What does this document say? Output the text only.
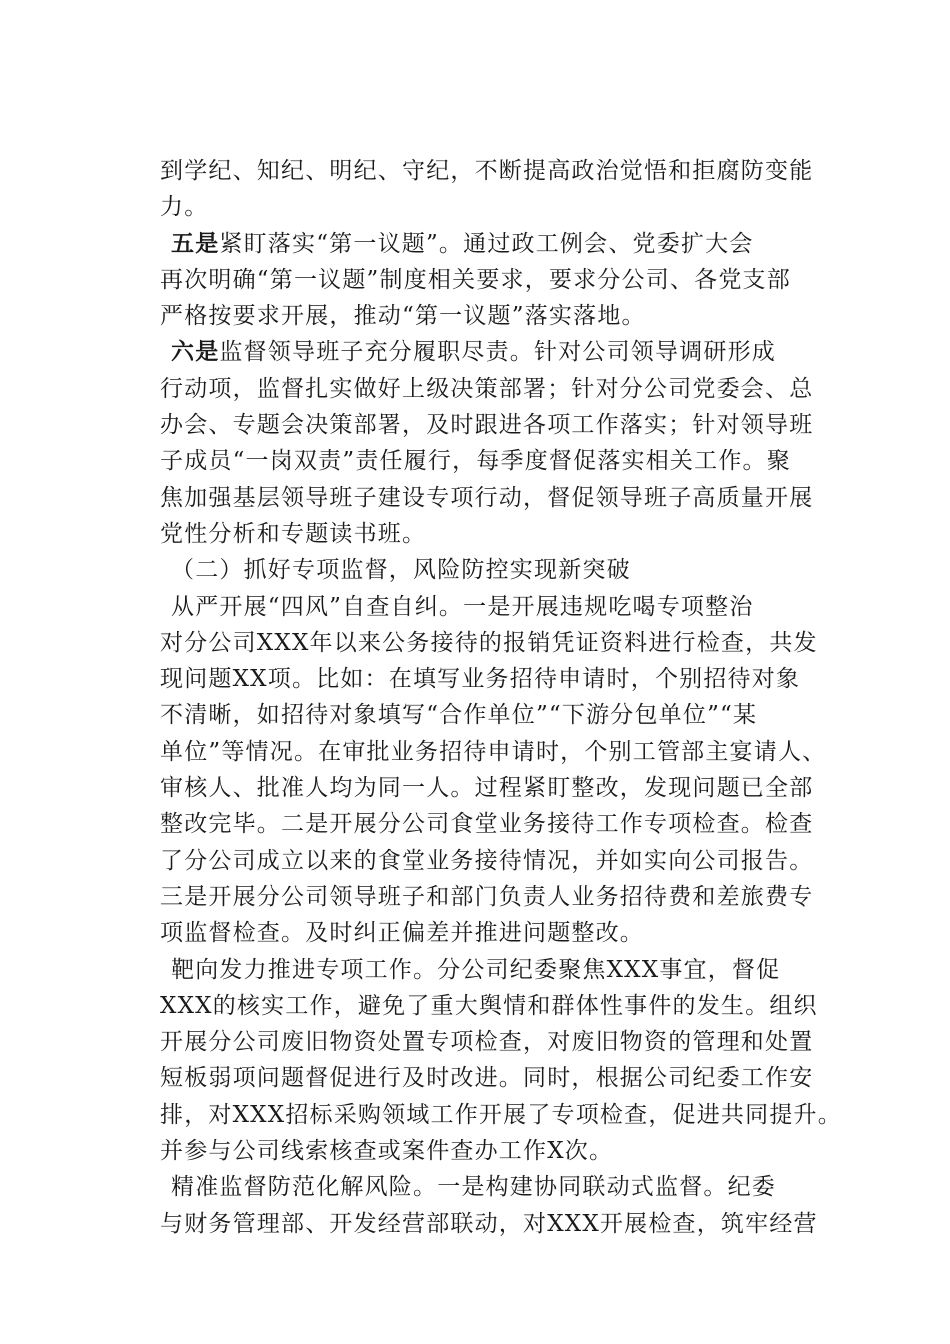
到学纪、知纪、明纪、守纪，不断提高政治觉悟和拒腐防变能
力。
五是紧盯落实“第一议题”。通过政工例会、党委扩大会
再次明确“第一议题”制度相关要求，要求分公司、各党支部
严格按要求开展，推动“第一议题”落实落地。
六是监督领导班子充分履职尽责。针对公司领导调研形成
行动项，监督扎实做好上级决策部署；针对分公司党委会、总
办会、专题会决策部署，及时跟进各项工作落实；针对领导班
子成员“一岗双责”责任履行，每季度督促落实相关工作。聚
焦加强基层领导班子建设专项行动，督促领导班子高质量开展
党性分析和专题读书班。
（二）抓好专项监督，风险防控实现新突破
从严开展“四风”自查自纠。一是开展违规吃喝专项整治
对分公司XXX年以来公务接待的报销凭证资料进行检查，共发
现问题XX项。比如：在填写业务招待申请时，个别招待对象
不清晰，如招待对象填写“合作单位”“下游分包单位”“某
单位”等情况。在审批业务招待申请时，个别工管部主宴请人、
审核人、批准人均为同一人。过程紧盯整改，发现问题已全部
整改完毕。二是开展分公司食堂业务接待工作专项检查。检查
了分公司成立以来的食堂业务接待情况，并如实向公司报告。
三是开展分公司领导班子和部门负责人业务招待费和差旅费专
项监督检查。及时纠正偏差并推进问题整改。
靶向发力推进专项工作。分公司纪委聚焦XXX事宜，督促
XXX的核实工作，避免了重大舆情和群体性事件的发生。组织
开展分公司废旧物资处置专项检查，对废旧物资的管理和处置
短板弱项问题督促进行及时改进。同时，根据公司纪委工作安
排，对XXX招标采购领域工作开展了专项检查，促进共同提升。
并参与公司线索核查或案件查办工作X次。
精准监督防范化解风险。一是构建协同联动式监督。纪委
与财务管理部、开发经营部联动，对XXX开展检查，筑牢经营
